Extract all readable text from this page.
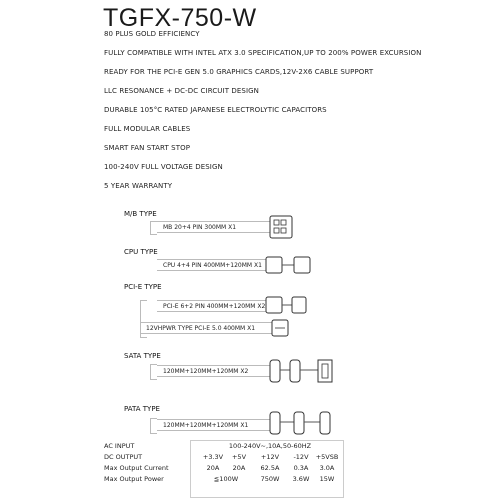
TGFX-750-W
80 PLUS GOLD EFFICIENCY
FULLY COMPATIBLE WITH INTEL ATX 3.0 SPECIFICATION,UP TO 200% POWER EXCURSION
READY FOR THE PCI-E GEN 5.0 GRAPHICS CARDS,12V-2X6 CABLE SUPPORT
LLC RESONANCE + DC-DC CIRCUIT DESIGN
DURABLE 105°C RATED JAPANESE ELECTROLYTIC CAPACITORS
FULL MODULAR CABLES
SMART FAN START STOP
100-240V FULL VOLTAGE DESIGN
5 YEAR WARRANTY
M/B TYPE
MB 20+4 PIN 300MM X1
CPU TYPE
CPU 4+4 PIN 400MM+120MM X1
PCI-E TYPE
PCI-E 6+2 PIN 400MM+120MM X2
12VHPWR TYPE PCI-E 5.0 400MM X1
SATA TYPE
120MM+120MM+120MM X2
PATA TYPE
120MM+120MM+120MM X1
AC INPUT	100-240V~,10A,50-60HZ				
DC OUTPUT	+3.3V	+5V	+12V	-12V	+5VSB
Max Output Current	20A	20A	62.5A	0.3A	3.0A
Max Output Power	≦100W		750W	3.6W	15W
